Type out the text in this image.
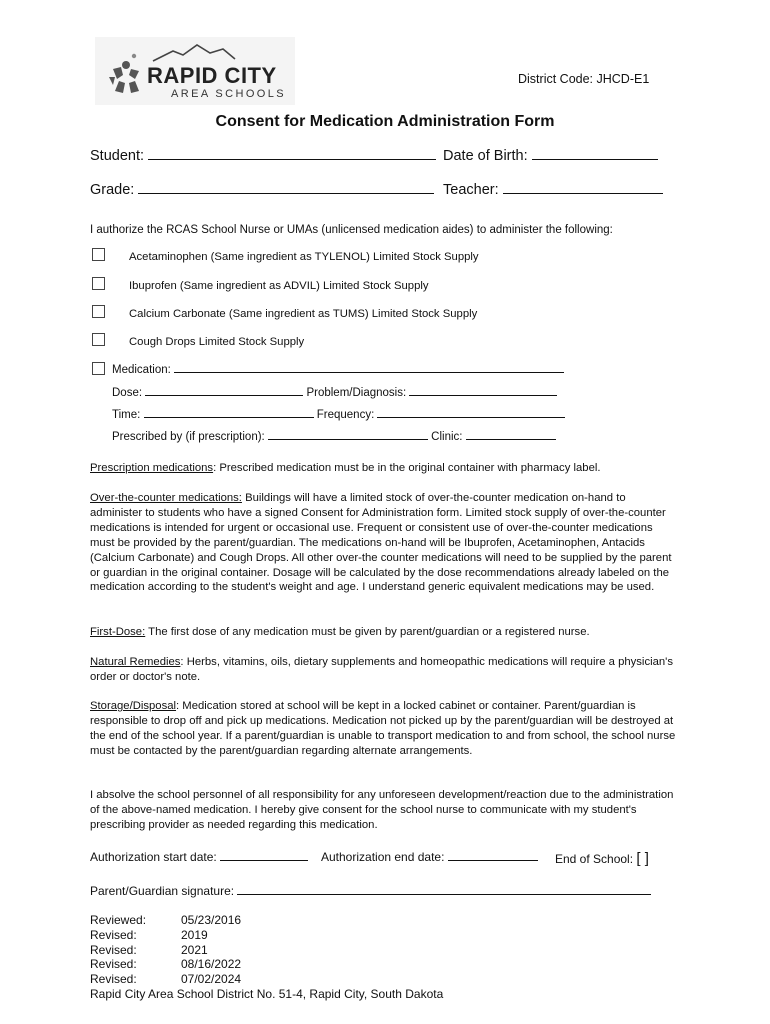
RAPID CITY
AREA SCHOOLS
District Code: JHCD-E1
Consent for Medication Administration Form
Student:	Date of Birth:
Grade:	Teacher:
I authorize the RCAS School Nurse or UMAs (unlicensed medication aides) to administer the following:
Acetaminophen (Same ingredient as TYLENOL) Limited Stock Supply
Ibuprofen (Same ingredient as ADVIL) Limited Stock Supply
Calcium Carbonate (Same ingredient as TUMS) Limited Stock Supply
Cough Drops Limited Stock Supply
Medication:
Dose:	Problem/Diagnosis:
Time:	Frequency:
Prescribed by (if prescription):	Clinic:

Prescription medications: Prescribed medication must be in the original container with pharmacy label.

Over-the-counter medications: Buildings will have a limited stock of over-the-counter medication on-hand to administer to students who have a signed Consent for Administration form. Limited stock supply of over-the-counter medications is intended for urgent or occasional use. Frequent or consistent use of over-the-counter medications must be provided by the parent/guardian. The medications on-hand will be Ibuprofen, Acetaminophen, Antacids (Calcium Carbonate) and Cough Drops. All other over-the counter medications will need to be supplied by the parent or guardian in the original container. Dosage will be calculated by the dose recommendations already labeled on the medication according to the student's weight and age. I understand generic equivalent medications may be used.

First-Dose: The first dose of any medication must be given by parent/guardian or a registered nurse.

Natural Remedies: Herbs, vitamins, oils, dietary supplements and homeopathic medications will require a physician's order or doctor's note.

Storage/Disposal: Medication stored at school will be kept in a locked cabinet or container. Parent/guardian is responsible to drop off and pick up medications. Medication not picked up by the parent/guardian will be destroyed at the end of the school year. If a parent/guardian is unable to transport medication to and from school, the school nurse must be contacted by the parent/guardian regarding alternate arrangements.

I absolve the school personnel of all responsibility for any unforeseen development/reaction due to the administration of the above-named medication. I hereby give consent for the school nurse to communicate with my student's prescribing provider as needed regarding this medication.

Authorization start date:	Authorization end date:	End of School: [ ]
Parent/Guardian signature:
Reviewed:	05/23/2016
Revised:	2019
Revised:	2021
Revised:	08/16/2022
Revised:	07/02/2024
Rapid City Area School District No. 51-4, Rapid City, South Dakota
